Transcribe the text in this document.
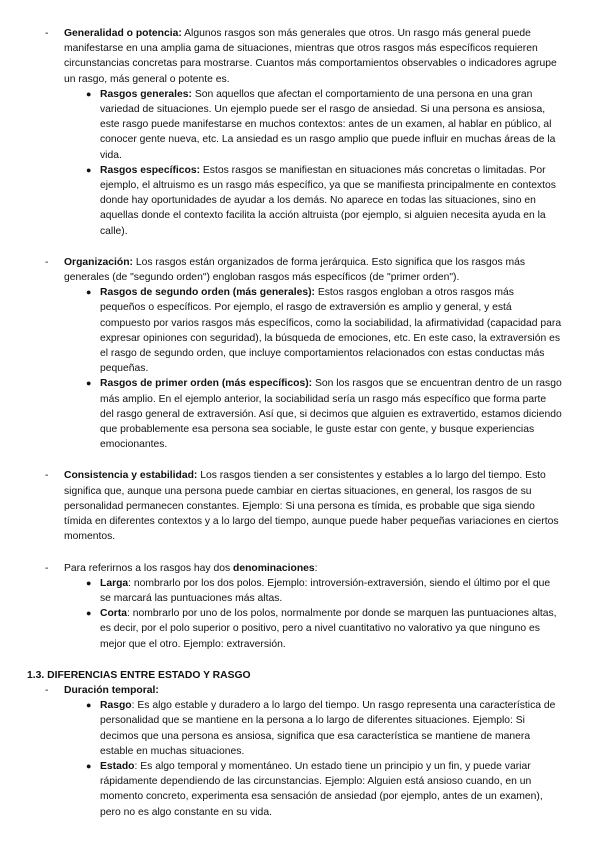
- Generalidad o potencia: Algunos rasgos son más generales que otros. Un rasgo más general puede manifestarse en una amplia gama de situaciones, mientras que otros rasgos más específicos requieren circunstancias concretas para mostrarse. Cuantos más comportamientos observables o indicadores agrupe un rasgo, más general o potente es.

●

Rasgos generales: Son aquellos que afectan el comportamiento de una persona en una gran variedad de situaciones. Un ejemplo puede ser el rasgo de ansiedad. Si una persona es ansiosa, este rasgo puede manifestarse en muchos contextos: antes de un examen, al hablar en público, al conocer gente nueva, etc. La ansiedad es un rasgo amplio que puede influir en muchas áreas de la vida.

●

Rasgos específicos: Estos rasgos se manifiestan en situaciones más concretas o limitadas. Por ejemplo, el altruismo es un rasgo más específico, ya que se manifiesta principalmente en contextos donde hay oportunidades de ayudar a los demás. No aparece en todas las situaciones, sino en aquellas donde el contexto facilita la acción altruista (por ejemplo, si alguien necesita ayuda en la calle).

- Organización: Los rasgos están organizados de forma jerárquica. Esto significa que los rasgos más generales (de "segundo orden") engloban rasgos más específicos (de "primer orden").

●

Rasgos de segundo orden (más generales): Estos rasgos engloban a otros rasgos más pequeños o específicos. Por ejemplo, el rasgo de extraversión es amplio y general, y está compuesto por varios rasgos más específicos, como la sociabilidad, la afirmatividad (capacidad para expresar opiniones con seguridad), la búsqueda de emociones, etc. En este caso, la extraversión es el rasgo de segundo orden, que incluye comportamientos relacionados con estas conductas más pequeñas.

●

Rasgos de primer orden (más específicos): Son los rasgos que se encuentran dentro de un rasgo más amplio. En el ejemplo anterior, la sociabilidad sería un rasgo más específico que forma parte del rasgo general de extraversión. Así que, si decimos que alguien es extravertido, estamos diciendo que probablemente esa persona sea sociable, le guste estar con gente, y busque experiencias emocionantes.

- Consistencia y estabilidad: Los rasgos tienden a ser consistentes y estables a lo largo del tiempo. Esto significa que, aunque una persona puede cambiar en ciertas situaciones, en general, los rasgos de su personalidad permanecen constantes. Ejemplo: Si una persona es tímida, es probable que siga siendo tímida en diferentes contextos y a lo largo del tiempo, aunque puede haber pequeñas variaciones en ciertos momentos.

- Para referirnos a los rasgos hay dos denominaciones:

●

Larga: nombrarlo por los dos polos. Ejemplo: introversión-extraversión, siendo el último por el que se marcará las puntuaciones más altas.

●

Corta: nombrarlo por uno de los polos, normalmente por donde se marquen las puntuaciones altas, es decir, por el polo superior o positivo, pero a nivel cuantitativo no valorativo ya que ninguno es mejor que el otro. Ejemplo: extraversión.

1.3. DIFERENCIAS ENTRE ESTADO Y RASGO
- Duración temporal:

●

Rasgo: Es algo estable y duradero a lo largo del tiempo. Un rasgo representa una característica de personalidad que se mantiene en la persona a lo largo de diferentes situaciones. Ejemplo: Si decimos que una persona es ansiosa, significa que esa característica se mantiene de manera estable en muchas situaciones.

●

Estado: Es algo temporal y momentáneo. Un estado tiene un principio y un fin, y puede variar rápidamente dependiendo de las circunstancias. Ejemplo: Alguien está ansioso cuando, en un momento concreto, experimenta esa sensación de ansiedad (por ejemplo, antes de un examen), pero no es algo constante en su vida.
